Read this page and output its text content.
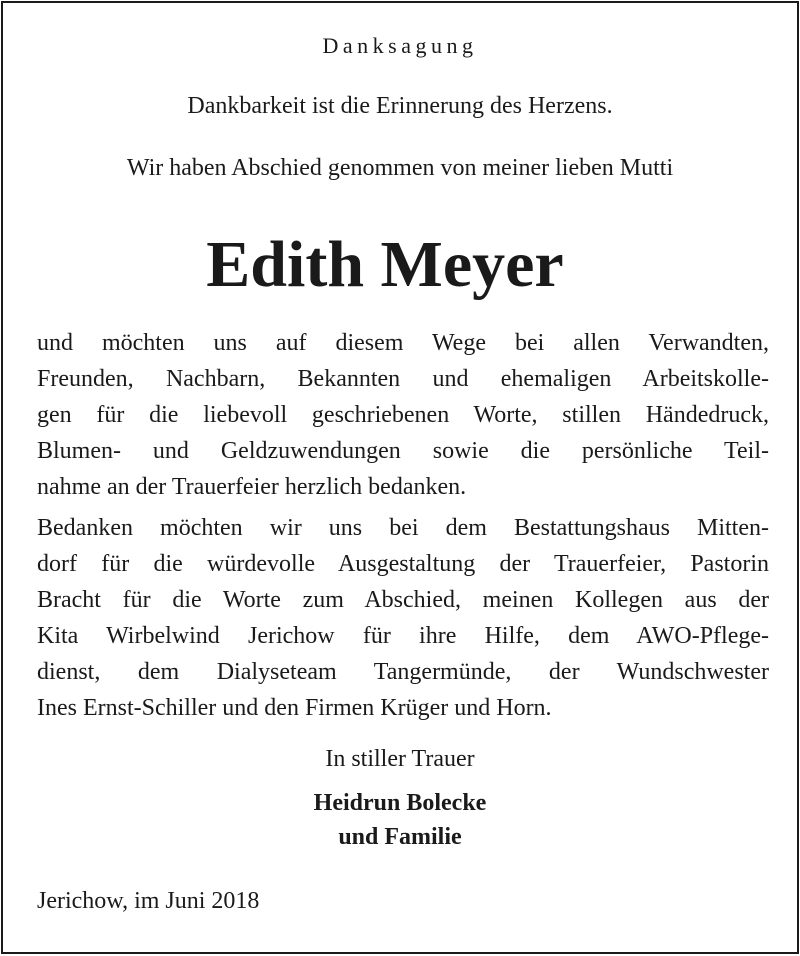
Danksagung
Dankbarkeit ist die Erinnerung des Herzens.
Wir haben Abschied genommen von meiner lieben Mutti
Edith Meyer
und möchten uns auf diesem Wege bei allen Verwandten,
Freunden, Nachbarn, Bekannten und ehemaligen Arbeitskolle-
gen für die liebevoll geschriebenen Worte, stillen Händedruck,
Blumen- und Geldzuwendungen sowie die persönliche Teil-
nahme an der Trauerfeier herzlich bedanken.
Bedanken möchten wir uns bei dem Bestattungshaus Mitten-
dorf für die würdevolle Ausgestaltung der Trauerfeier, Pastorin
Bracht für die Worte zum Abschied, meinen Kollegen aus der
Kita Wirbelwind Jerichow für ihre Hilfe, dem AWO-Pflege-
dienst, dem Dialyseteam Tangermünde, der Wundschwester
Ines Ernst-Schiller und den Firmen Krüger und Horn.
In stiller Trauer
Heidrun Bolecke
und Familie
Jerichow, im Juni 2018
